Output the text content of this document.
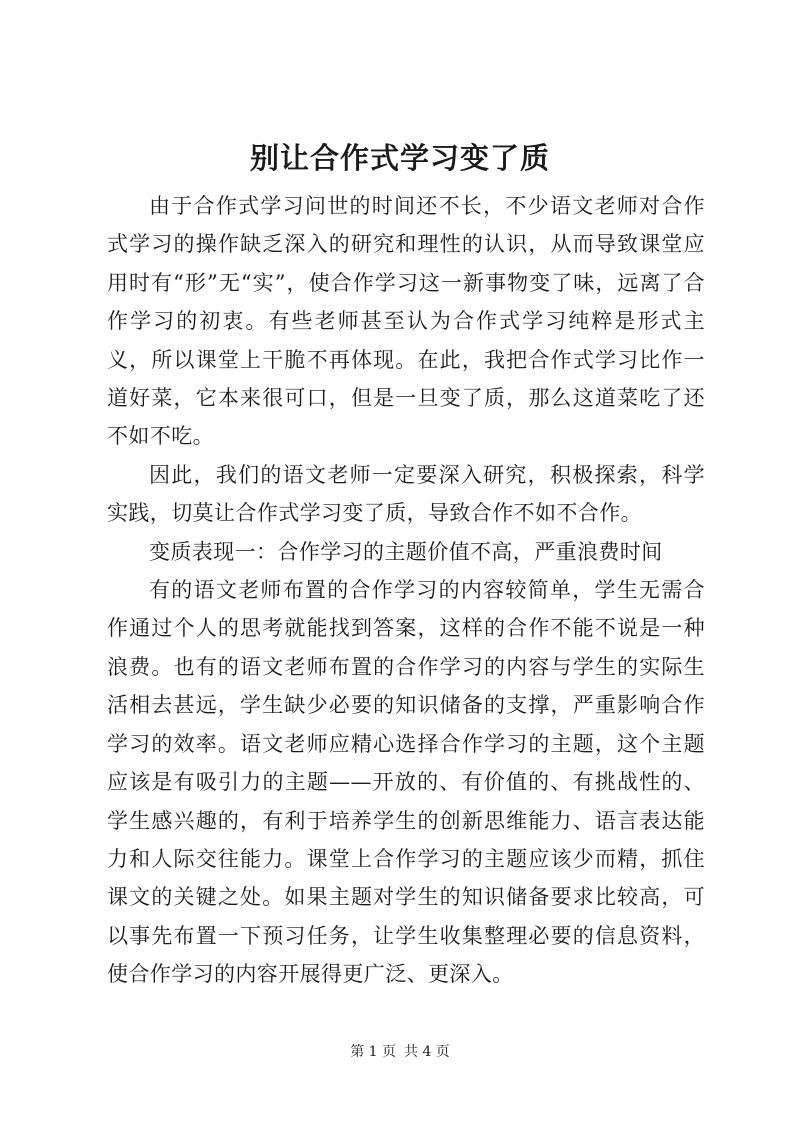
别让合作式学习变了质

由于合作式学习问世的时间还不长，不少语文老师对合作式学习的操作缺乏深入的研究和理性的认识，从而导致课堂应用时有“形”无“实”，使合作学习这一新事物变了味，远离了合作学习的初衷。有些老师甚至认为合作式学习纯粹是形式主义，所以课堂上干脆不再体现。在此，我把合作式学习比作一道好菜，它本来很可口，但是一旦变了质，那么这道菜吃了还不如不吃。

因此，我们的语文老师一定要深入研究，积极探索，科学实践，切莫让合作式学习变了质，导致合作不如不合作。

变质表现一：合作学习的主题价值不高，严重浪费时间

有的语文老师布置的合作学习的内容较简单，学生无需合作通过个人的思考就能找到答案，这样的合作不能不说是一种浪费。也有的语文老师布置的合作学习的内容与学生的实际生活相去甚远，学生缺少必要的知识储备的支撑，严重影响合作学习的效率。语文老师应精心选择合作学习的主题，这个主题应该是有吸引力的主题——开放的、有价值的、有挑战性的、学生感兴趣的，有利于培养学生的创新思维能力、语言表达能力和人际交往能力。课堂上合作学习的主题应该少而精，抓住课文的关键之处。如果主题对学生的知识储备要求比较高，可以事先布置一下预习任务，让学生收集整理必要的信息资料，使合作学习的内容开展得更广泛、更深入。

第 1 页 共 4 页
